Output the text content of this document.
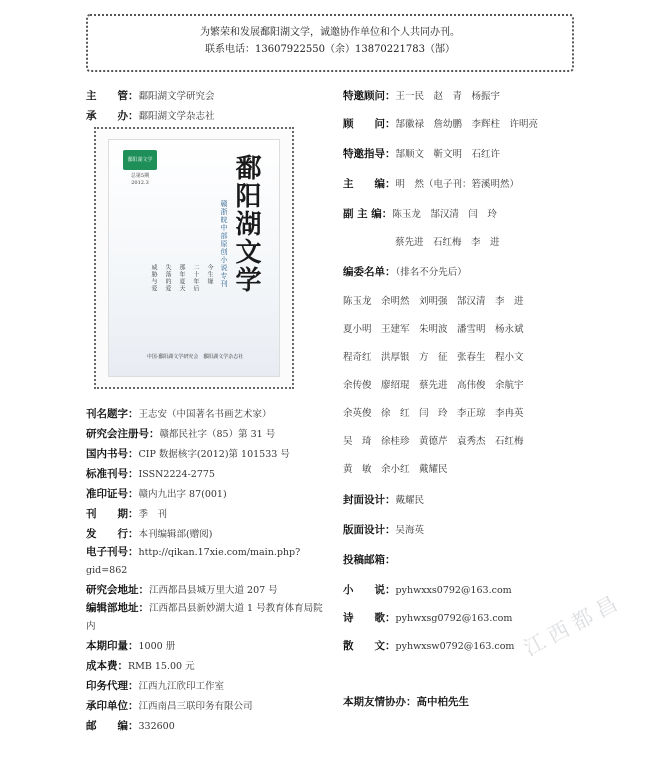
为繁荣和发展鄱阳湖文学，诚邀协作单位和个人共同办刊。
联系电话：13607922550（余）13870221783（郜）
主　　管：鄱阳湖文学研究会
承　　办：鄱阳湖文学杂志社
刊名题字：王志安（中国著名书画艺术家）
研究会注册号：赣都民社字（85）第 31 号
国内书号：CIP 数据核字(2012)第 101533 号
标准刊号：ISSN2224-2775
准印证号：赣内九出字 87(001)
刊　　期：季　刊
发　　行：本刊编辑部(赠阅)
电子刊号：http://qikan.17xie.com/main.php?gid=862
研究会地址：江西都昌县城万里大道 207 号
编辑部地址：江西都昌县新妙湖大道 1 号教育体育局院内
本期印量：1000 册
成本费：RMB 15.00 元
印务代理：江西九江欣印工作室
承印单位：江西南昌三联印务有限公司
邮　　编：332600
鄱阳湖文学
总第5期 2012.3	鄱阳湖文学
赣浙皖中部原创小说专刊
今生缘
二十年后
那年夏天
失落的爱
威胁与爱
中国·鄱阳湖文学研究会　鄱阳湖文学杂志社
特邀顾问：王一民　赵　青　杨振宇
顾　　问：郜徽禄　詹幼鹏　李辉柱　许明亮
特邀指导：郜顺文　靳文明　石红许
主　　编：明　然（电子刊：箬溪明然）
副 主 编：陈玉龙　郜汉清　闫　玲
蔡先进　石红梅　李　进
编委名单：（排名不分先后）
陈玉龙 余明然 刘明强 郜汉清 李　进
夏小明 王建军 朱明波 潘雪明 杨永斌
程奇红 洪厚银 方　征 张春生 程小文
余传俊 廖绍琨 蔡先进 高伟俊 余航宇
余英俊 徐　红 闫　玲 李正琼 李冉英
吴　琦 徐桂珍 黄德芹 袁秀杰 石红梅
黄　敏 余小红 戴耀民
封面设计：戴耀民
版面设计：吴海英
投稿邮箱：
小　　说：pyhwxxs0792@163.com
诗　　歌：pyhwxsg0792@163.com
散　　文：pyhwxsw0792@163.com
本期友情协办：高中柏先生
江西都昌
